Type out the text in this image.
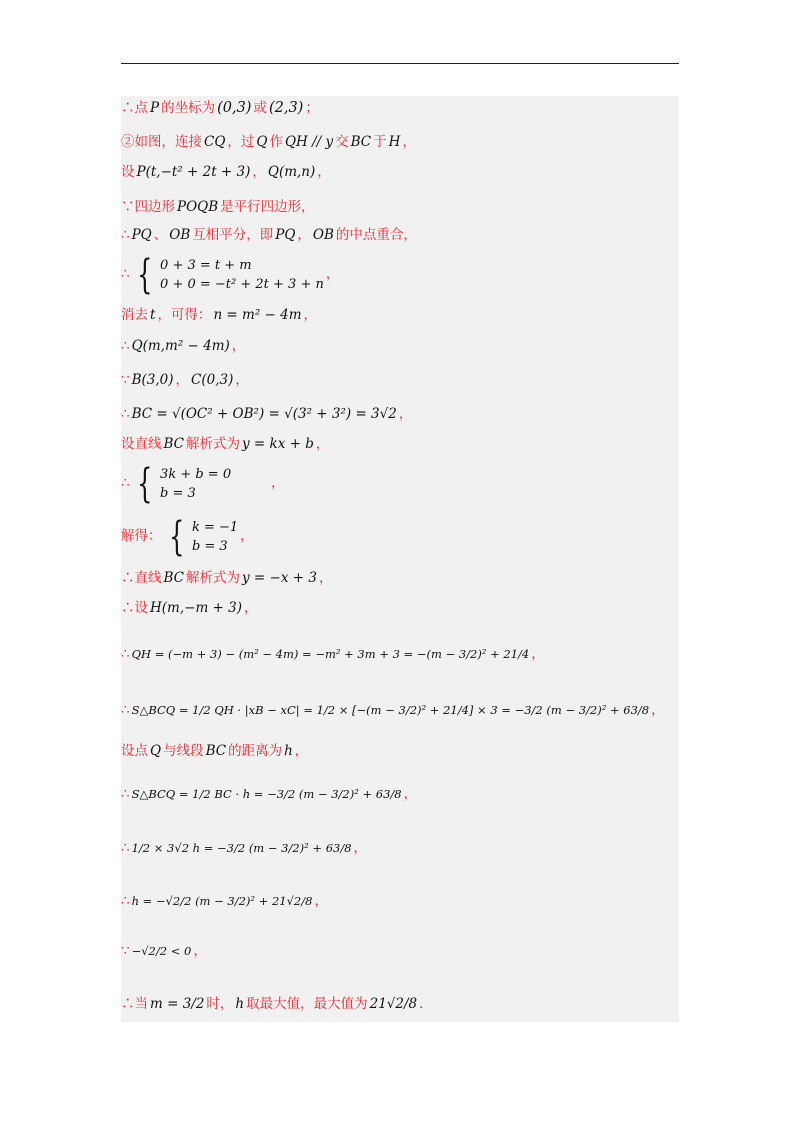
∴点 P 的坐标为 (0,3) 或 (2,3) ；
②如图，连接 CQ ，过 Q 作 QH // y 交 BC 于 H ，
设 P(t,−t² + 2t + 3) ， Q(m,n) ，
∵四边形 POQB 是平行四边形，
∴ PQ 、 OB 互相平分，即 PQ ， OB 的中点重合，
∴ { 0 + 3 = t + m
0 + 0 = −t² + 2t + 3 + n
，
消去 t ，可得： n = m² − 4m ，
∴ Q(m,m² − 4m) ，
∵ B(3,0) ， C(0,3) ，
∴ BC = √(OC² + OB²) = √(3² + 3²) = 3√2 ，
设直线 BC 解析式为 y = kx + b ，
∴ { 3k + b = 0
b = 3
，
解得： { k = −1
b = 3
，
∴直线 BC 解析式为 y = −x + 3 ，
∴设 H(m,−m + 3) ，
∴ QH = (−m + 3) − (m² − 4m) = −m² + 3m + 3 = −(m − 3/2)² + 21/4 ，
∴ S△BCQ = 1/2 QH · |xB − xC| = 1/2 × [−(m − 3/2)² + 21/4] × 3 = −3/2 (m − 3/2)² + 63/8 ，
设点 Q 与线段 BC 的距离为 h ，
∴ S△BCQ = 1/2 BC · h = −3/2 (m − 3/2)² + 63/8 ，
∴ 1/2 × 3√2 h = −3/2 (m − 3/2)² + 63/8 ，
∴ h = −√2/2 (m − 3/2)² + 21√2/8 ，
∵ −√2/2 < 0 ，
∴当 m = 3/2 时， h 取最大值，最大值为 21√2/8 ．
